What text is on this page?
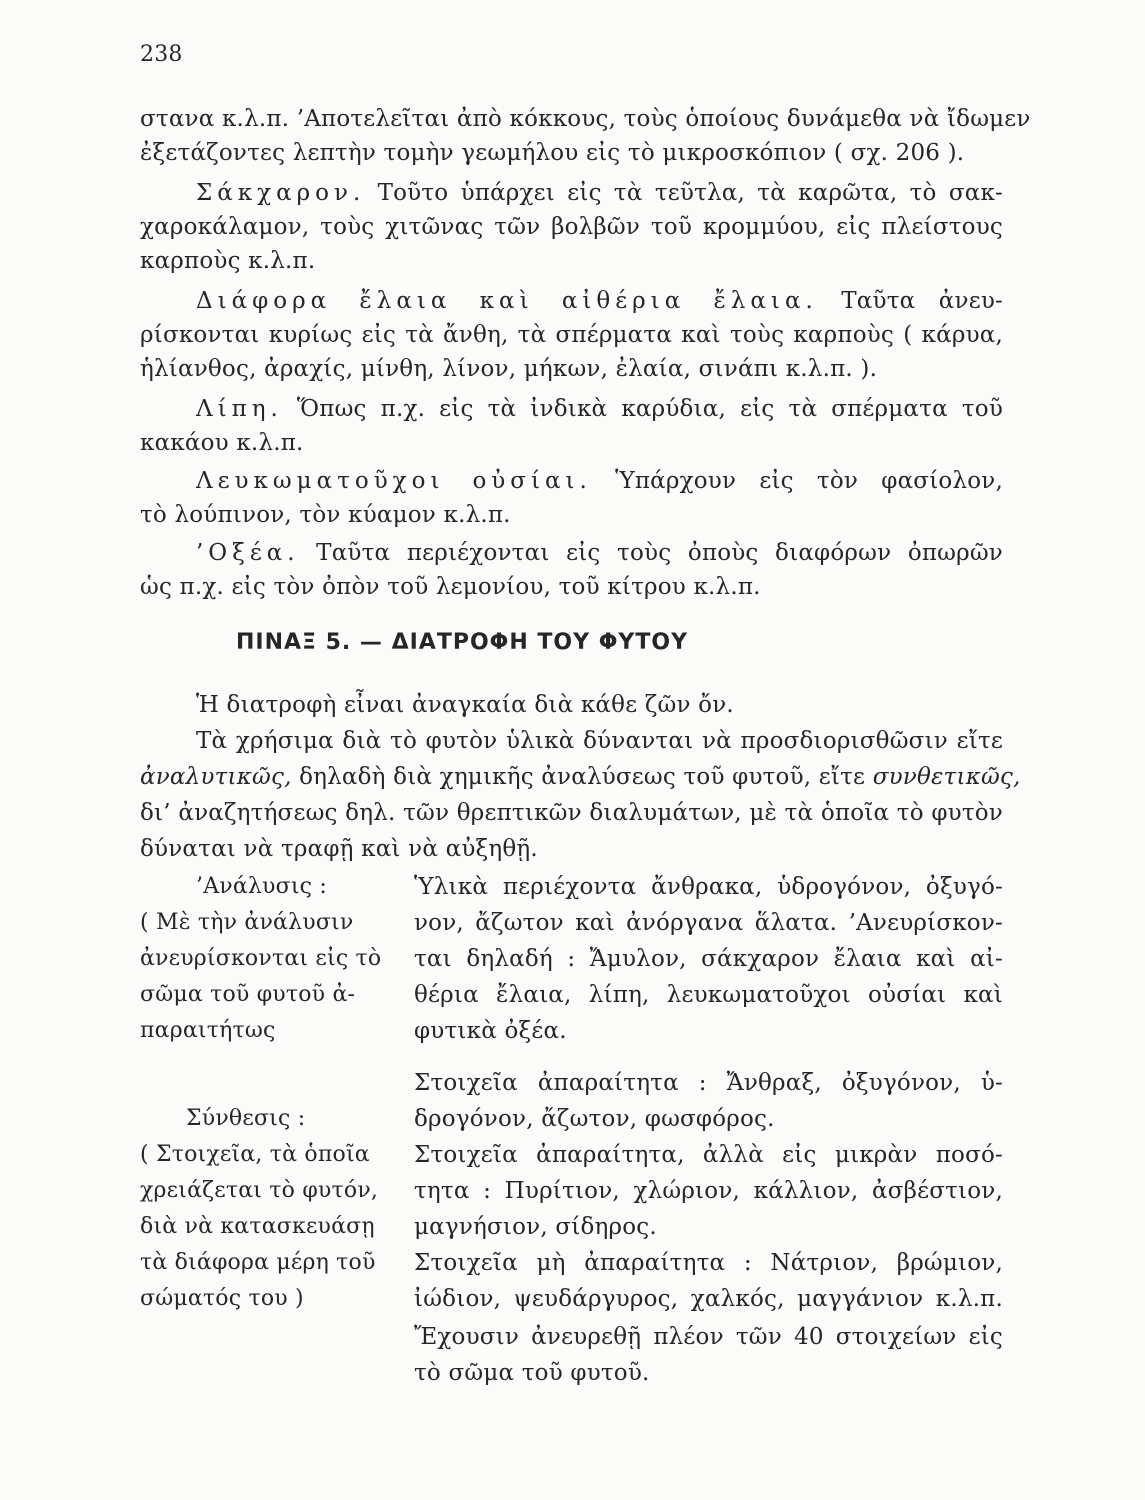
238
στανα κ.λ.π. ’Αποτελεῖται ἀπὸ κόκκους, τοὺς ὁποίους δυνάμεθα νὰ ἴδωμεν
ἐξετάζοντες λεπτὴν τομὴν γεωμήλου εἰς τὸ μικροσκόπιον ( σχ. 206 ).
Σάκχαρον. Τοῦτο ὑπάρχει εἰς τὰ τεῦτλα, τὰ καρῶτα, τὸ σακ-
χαροκάλαμον, τοὺς χιτῶνας τῶν βολβῶν τοῦ κρομμύου, εἰς πλείστους
καρποὺς κ.λ.π.
Διάφορα ἔλαια καὶ αἰθέρια ἔλαια. Ταῦτα ἀνευ-
ρίσκονται κυρίως εἰς τὰ ἄνθη, τὰ σπέρματα καὶ τοὺς καρποὺς ( κάρυα,
ἡλίανθος, ἀραχίς, μίνθη, λίνον, μήκων, ἐλαία, σινάπι κ.λ.π. ).
Λίπη. Ὅπως π.χ. εἰς τὰ ἰνδικὰ καρύδια, εἰς τὰ σπέρματα τοῦ
κακάου κ.λ.π.
Λευκωματοῦχοι οὐσίαι. Ὑπάρχουν εἰς τὸν φασίολον,
τὸ λούπινον, τὸν κύαμον κ.λ.π.
’Οξέα. Ταῦτα περιέχονται εἰς τοὺς ὀποὺς διαφόρων ὀπωρῶν
ὡς π.χ. εἰς τὸν ὀπὸν τοῦ λεμονίου, τοῦ κίτρου κ.λ.π.
ΠΙΝΑΞ 5. — ΔΙΑΤΡΟΦΗ ΤΟΥ ΦΥΤΟΥ
Ἡ διατροφὴ εἶναι ἀναγκαία διὰ κάθε ζῶν ὄν.
Τὰ χρήσιμα διὰ τὸ φυτὸν ὑλικὰ δύνανται νὰ προσδιορισθῶσιν εἴτε
ἀναλυτικῶς, δηλαδὴ διὰ χημικῆς ἀναλύσεως τοῦ φυτοῦ, εἴτε συνθετικῶς,
δι’ ἀναζητήσεως δηλ. τῶν θρεπτικῶν διαλυμάτων, μὲ τὰ ὁποῖα τὸ φυτὸν
δύναται νὰ τραφῇ καὶ νὰ αὐξηθῇ.
’Ανάλυσις :
( Μὲ τὴν ἀνάλυσιν
ἀνευρίσκονται εἰς τὸ
σῶμα τοῦ φυτοῦ ἀ-
παραιτήτως
Ὑλικὰ περιέχοντα ἄνθρακα, ὑδρογόνον, ὀξυγό-
νον, ἄζωτον καὶ ἀνόργανα ἅλατα. ’Ανευρίσκον-
ται δηλαδή : Ἄμυλον, σάκχαρον ἔλαια καὶ αἰ-
θέρια ἔλαια, λίπη, λευκωματοῦχοι οὐσίαι καὶ
φυτικὰ ὀξέα.
Στοιχεῖα ἀπαραίτητα : Ἄνθραξ, ὀξυγόνον, ὑ-
δρογόνον, ἄζωτον, φωσφόρος.
Στοιχεῖα ἀπαραίτητα, ἀλλὰ εἰς μικρὰν ποσό-
τητα : Πυρίτιον, χλώριον, κάλλιον, ἀσβέστιον,
μαγνήσιον, σίδηρος.
Στοιχεῖα μὴ ἀπαραίτητα : Νάτριον, βρώμιον,
ἰώδιον, ψευδάργυρος, χαλκός, μαγγάνιον κ.λ.π.
Ἔχουσιν ἀνευρεθῇ πλέον τῶν 40 στοιχείων εἰς
τὸ σῶμα τοῦ φυτοῦ.
Σύνθεσις :
( Στοιχεῖα, τὰ ὁποῖα
χρειάζεται τὸ φυτόν,
διὰ νὰ κατασκευάσῃ
τὰ διάφορα μέρη τοῦ
σώματός του )
